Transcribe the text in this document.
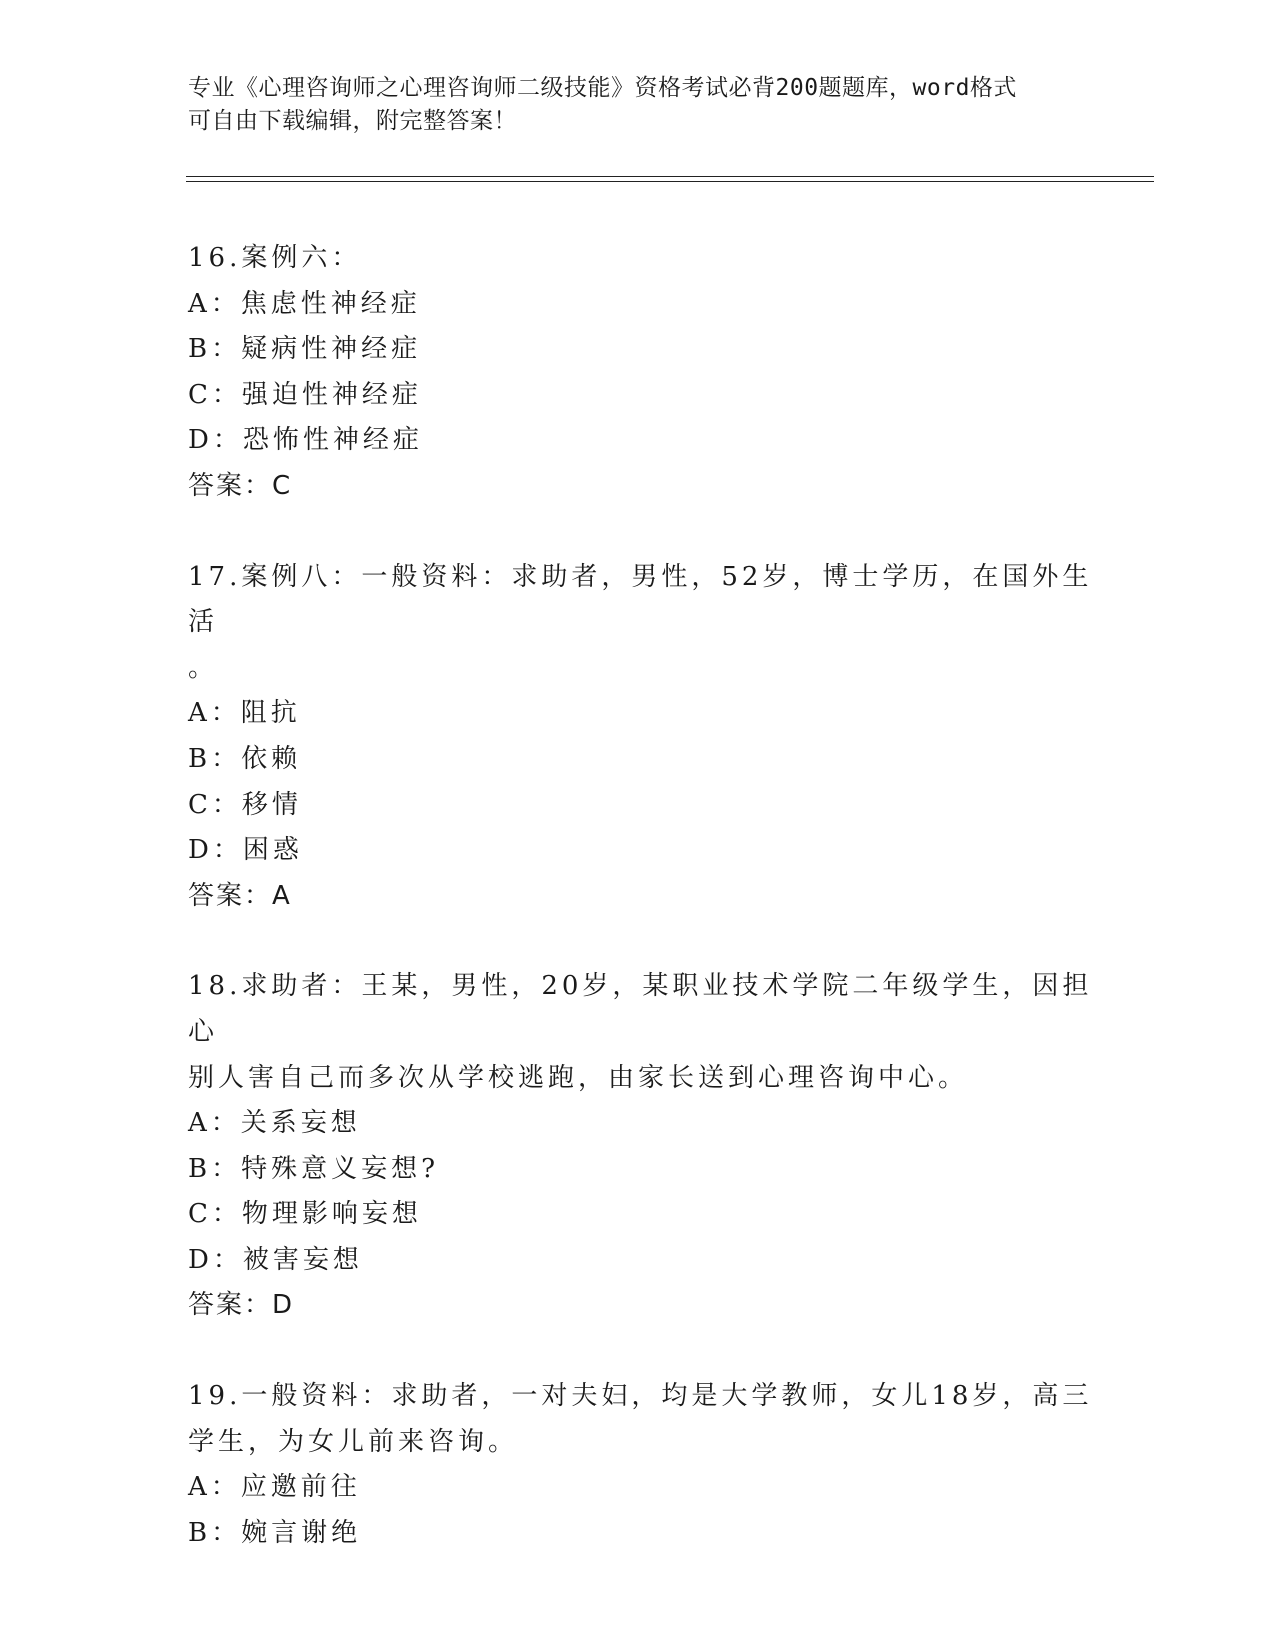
专业《心理咨询师之心理咨询师二级技能》资格考试必背200题题库，word格式
可自由下载编辑，附完整答案！
16.案例六：
A：焦虑性神经症
B：疑病性神经症
C：强迫性神经症
D：恐怖性神经症
答案：C
17.案例八：一般资料：求助者，男性，52岁，博士学历，在国外生活
。
A：阻抗
B：依赖
C：移情
D：困惑
答案：A
18.求助者：王某，男性，20岁，某职业技术学院二年级学生，因担心
别人害自己而多次从学校逃跑，由家长送到心理咨询中心。
A：关系妄想
B：特殊意义妄想?
C：物理影响妄想
D：被害妄想
答案：D
19.一般资料：求助者，一对夫妇，均是大学教师，女儿18岁，高三
学生，为女儿前来咨询。
A：应邀前往
B：婉言谢绝
